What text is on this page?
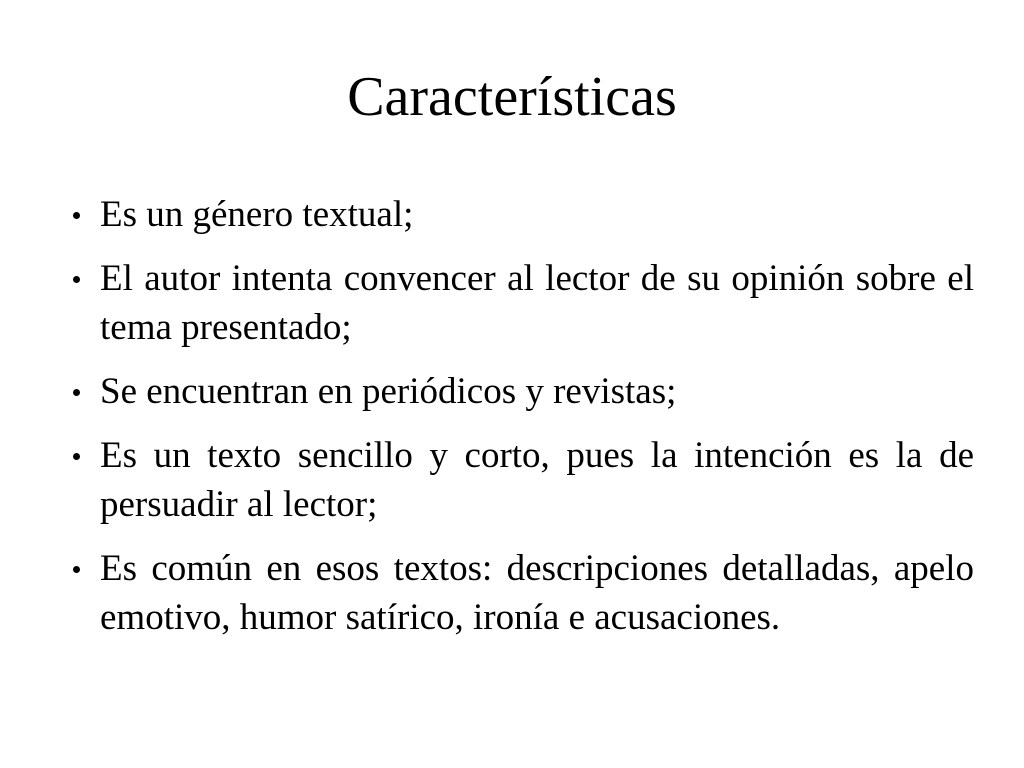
Características
Es un género textual;
El autor intenta convencer al lector de su opinión sobre el tema presentado;
Se encuentran en periódicos y revistas;
Es un texto sencillo y corto, pues la intención es la de persuadir al lector;
Es común en esos textos: descripciones detalladas, apelo emotivo, humor satírico, ironía e acusaciones.
